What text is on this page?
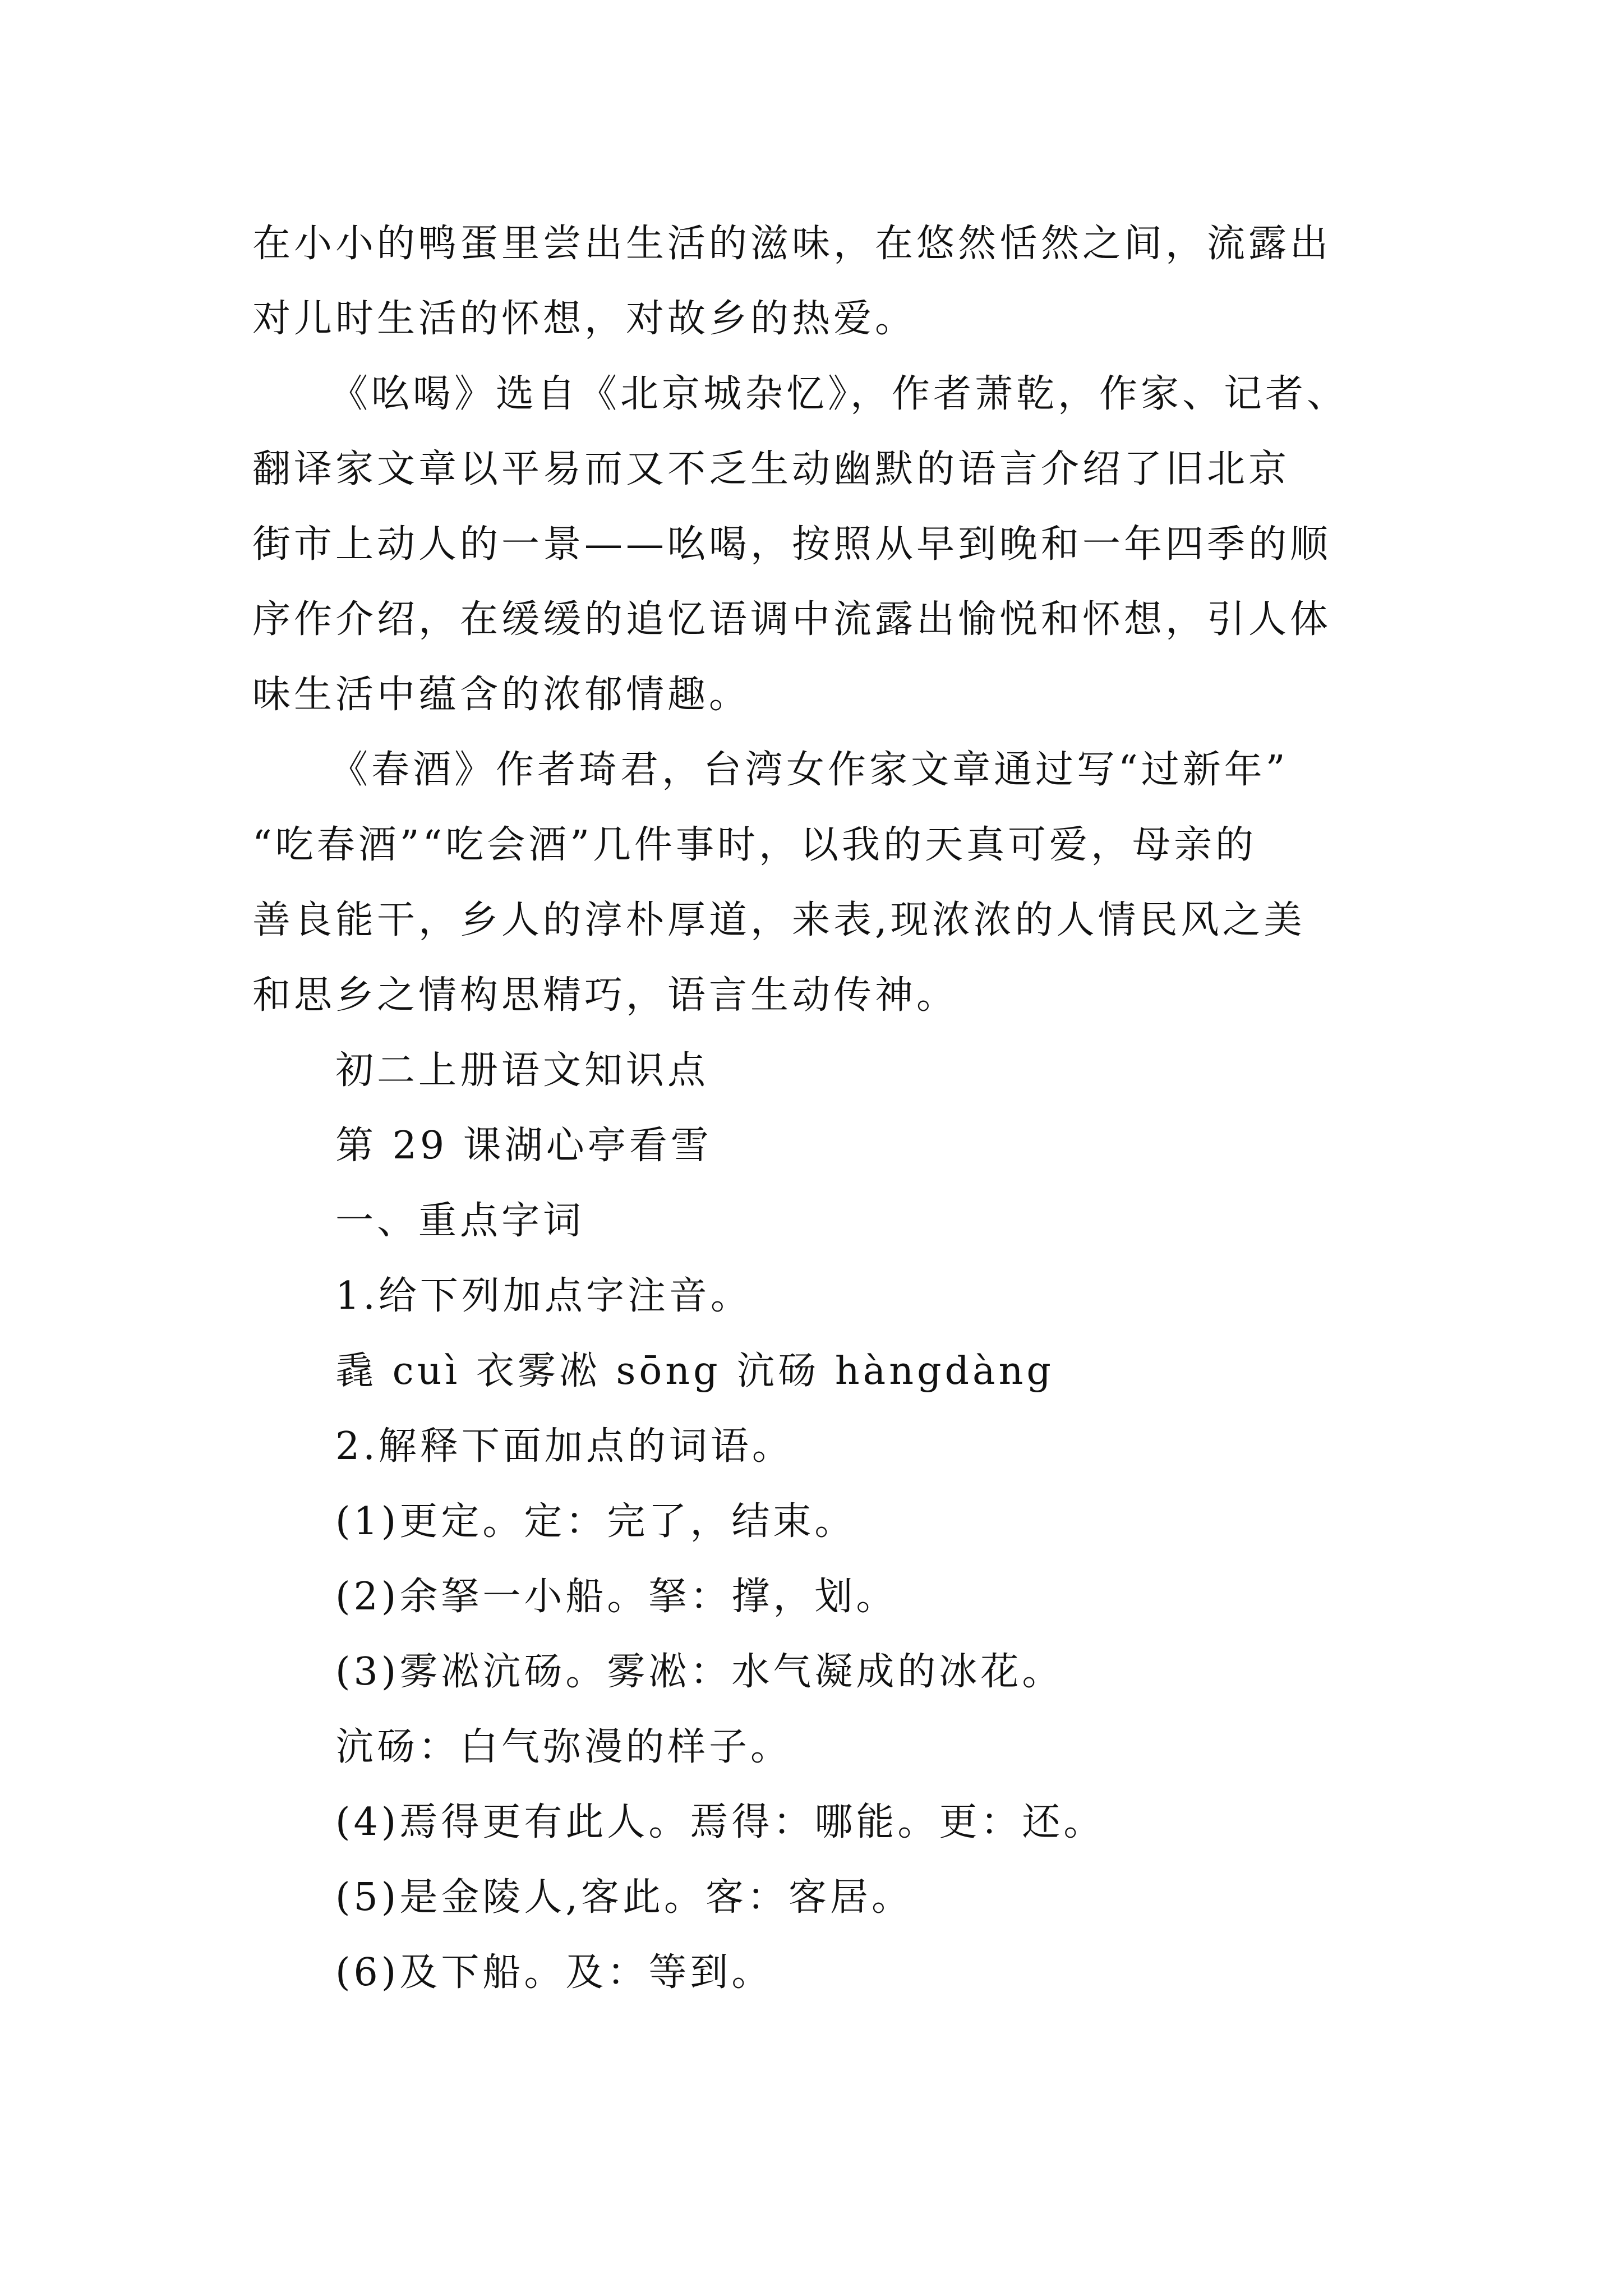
在小小的鸭蛋里尝出生活的滋味，在悠然恬然之间，流露出
对儿时生活的怀想，对故乡的热爱。
《吆喝》选自《北京城杂忆》，作者萧乾，作家、记者、
翻译家文章以平易而又不乏生动幽默的语言介绍了旧北京
街市上动人的一景——吆喝，按照从早到晚和一年四季的顺
序作介绍，在缓缓的追忆语调中流露出愉悦和怀想，引人体
味生活中蕴含的浓郁情趣。
《春酒》作者琦君，台湾女作家文章通过写“过新年”
“吃春酒”“吃会酒”几件事时，以我的天真可爱，母亲的
善良能干，乡人的淳朴厚道，来表,现浓浓的人情民风之美
和思乡之情构思精巧，语言生动传神。
初二上册语文知识点
第 29 课湖心亭看雪
一、重点字词
1.给下列加点字注音。
毳 cuì 衣雾凇 sōng 沆砀 hàngdàng
2.解释下面加点的词语。
(1)更定。定：完了，结束。
(2)余拏一小船。拏：撑，划。
(3)雾凇沆砀。雾凇：水气凝成的冰花。
沆砀：白气弥漫的样子。
(4)焉得更有此人。焉得：哪能。更：还。
(5)是金陵人,客此。客：客居。
(6)及下船。及：等到。
